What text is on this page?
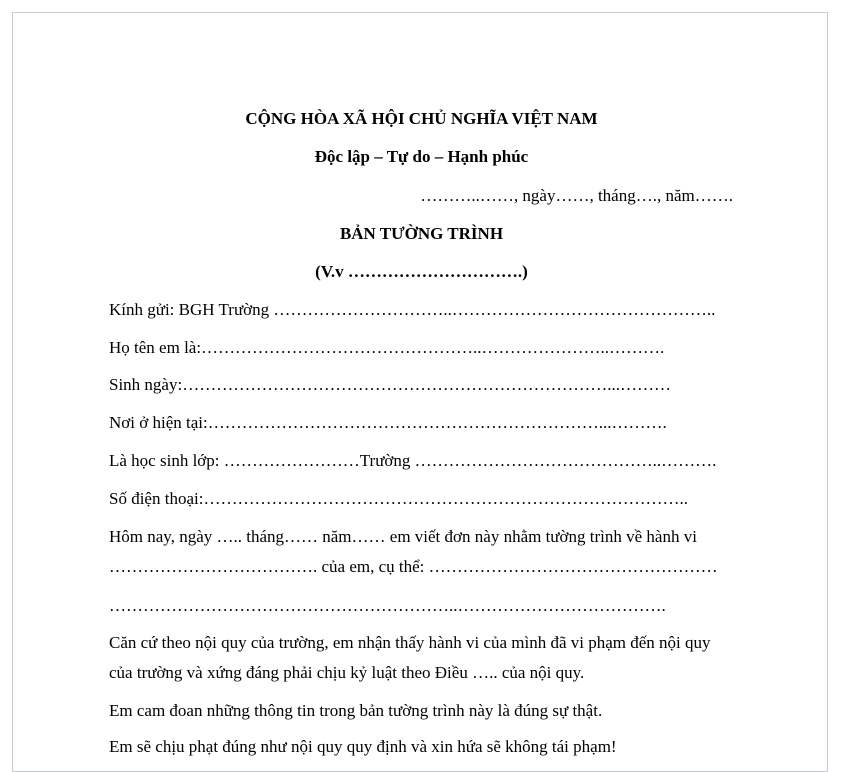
CỘNG HÒA XÃ HỘI CHỦ NGHĨA VIỆT NAM
Độc lập – Tự do – Hạnh phúc
………..……, ngày……, tháng…., năm…….
BẢN TƯỜNG TRÌNH
(V.v ………………………….)
Kính gửi: BGH Trường …………………………..………………………………………..
Họ tên em là:…………………………………………..…………………..……….
Sinh ngày:…………………………………………………………………...………
Nơi ở hiện tại:……………………………………………………………...……….
Là học sinh lớp: ……………………Trường ……………………………………..……….
Số điện thoại:…………………………………………………………………………..
Hôm nay, ngày ….. tháng…… năm…… em viết đơn này nhằm tường trình về hành vi
………………………………. của em, cụ thể: ……………………………………………
……………………………………………………..……………………………….
Căn cứ theo nội quy của trường, em nhận thấy hành vi của mình đã vi phạm đến nội quy
của trường và xứng đáng phải chịu kỷ luật theo Điều ….. của nội quy.
Em cam đoan những thông tin trong bản tường trình này là đúng sự thật.
Em sẽ chịu phạt đúng như nội quy quy định và xin hứa sẽ không tái phạm!
